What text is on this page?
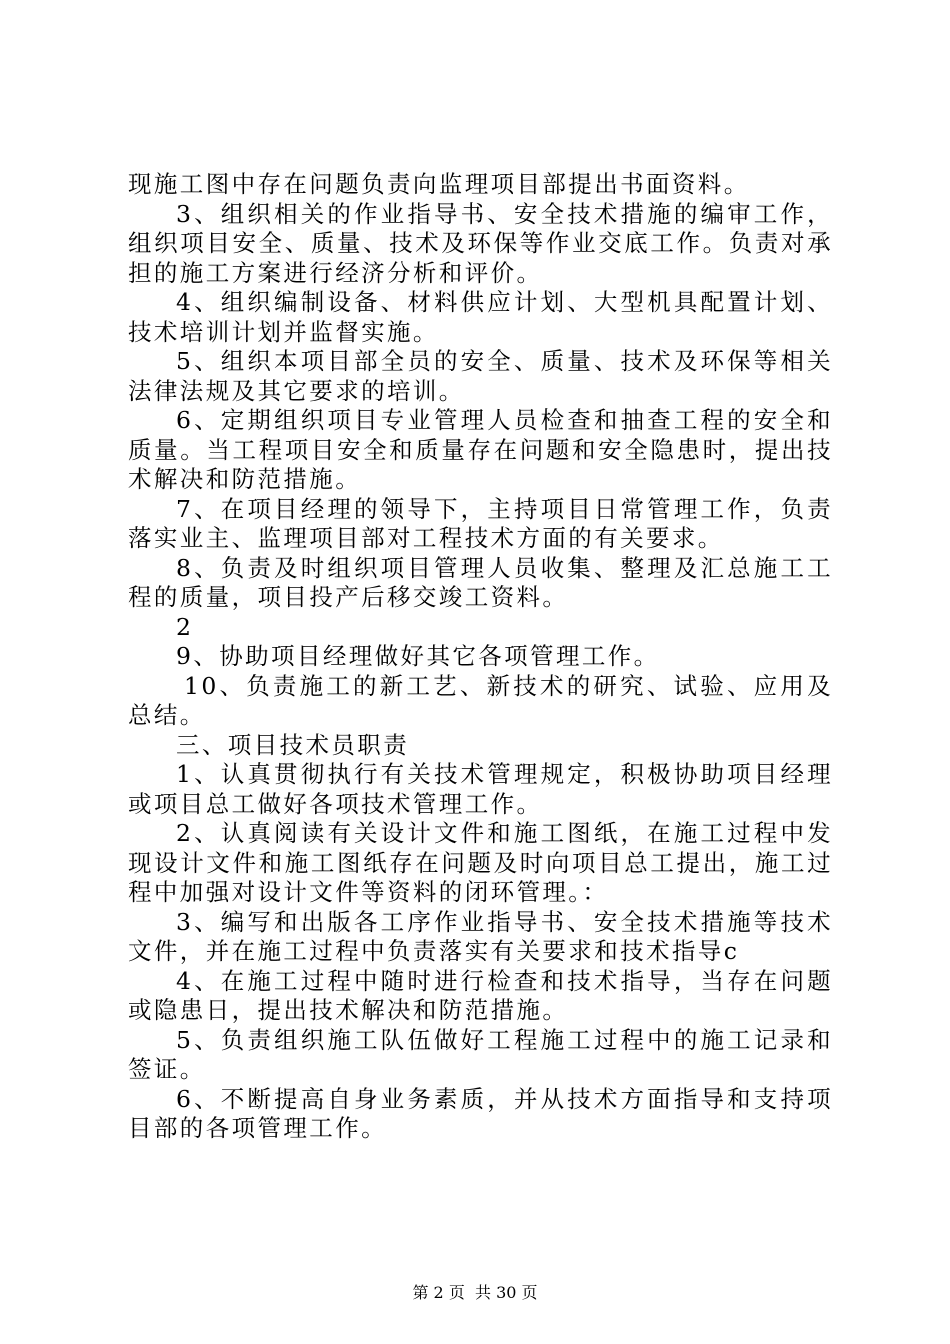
现施工图中存在问题负责向监理项目部提出书面资料。

3、组织相关的作业指导书、安全技术措施的编审工作，组织项目安全、质量、技术及环保等作业交底工作。负责对承担的施工方案进行经济分析和评价。

4、组织编制设备、材料供应计划、大型机具配置计划、技术培训计划并监督实施。

5、组织本项目部全员的安全、质量、技术及环保等相关法律法规及其它要求的培训。

6、定期组织项目专业管理人员检查和抽查工程的安全和质量。当工程项目安全和质量存在问题和安全隐患时，提出技术解决和防范措施。

7、在项目经理的领导下，主持项目日常管理工作，负责落实业主、监理项目部对工程技术方面的有关要求。

8、负责及时组织项目管理人员收集、整理及汇总施工工程的质量，项目投产后移交竣工资料。

2

9、协助项目经理做好其它各项管理工作。

10、负责施工的新工艺、新技术的研究、试验、应用及总结。

三、项目技术员职责

1、认真贯彻执行有关技术管理规定，积极协助项目经理或项目总工做好各项技术管理工作。

2、认真阅读有关设计文件和施工图纸，在施工过程中发现设计文件和施工图纸存在问题及时向项目总工提出，施工过程中加强对设计文件等资料的闭环管理。：

3、编写和出版各工序作业指导书、安全技术措施等技术文件，并在施工过程中负责落实有关要求和技术指导c

4、在施工过程中随时进行检查和技术指导，当存在问题或隐患日，提出技术解决和防范措施。

5、负责组织施工队伍做好工程施工过程中的施工记录和签证。

6、不断提高自身业务素质，并从技术方面指导和支持项目部的各项管理工作。

第 2 页  共 30 页
